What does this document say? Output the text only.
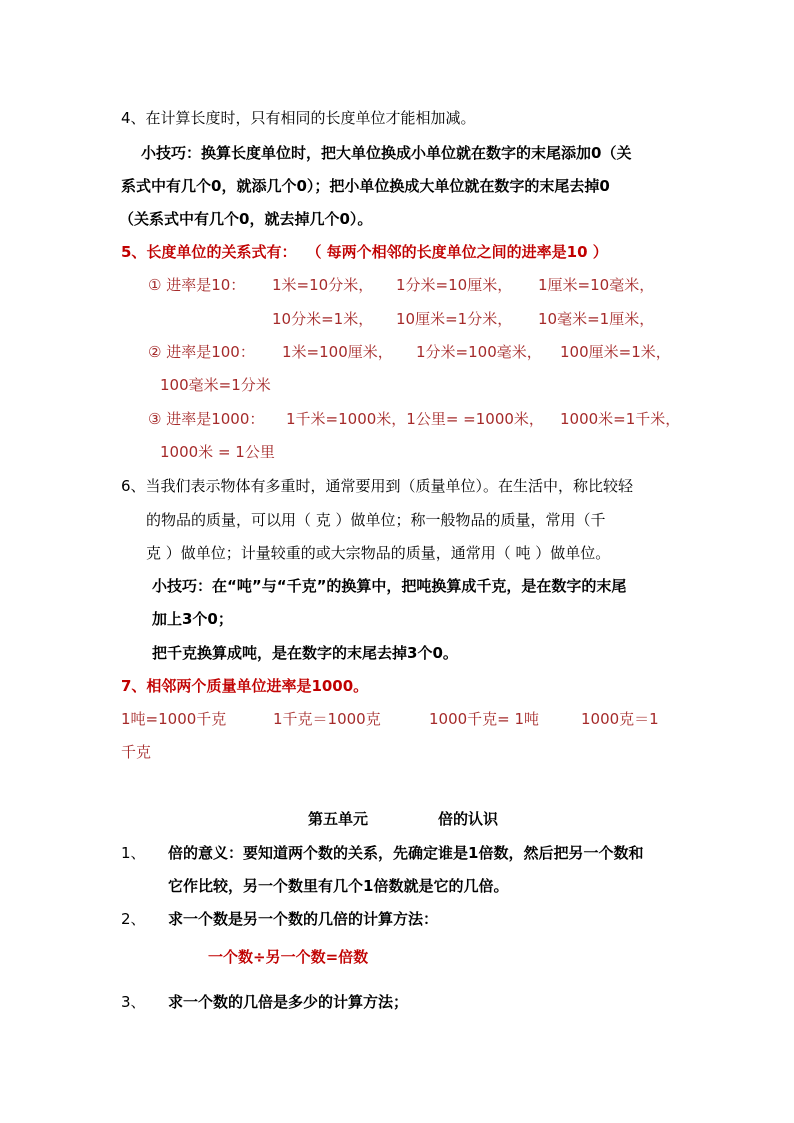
4、在计算长度时，只有相同的长度单位才能相加减。
小技巧：换算长度单位时，把大单位换成小单位就在数字的末尾添加0（关
系式中有几个0，就添几个0）；把小单位换成大单位就在数字的末尾去掉0
（关系式中有几个0，就去掉几个0）。
5、长度单位的关系式有： （ 每两个相邻的长度单位之间的进率是10 ）
① 进率是10： 1米=10分米， 1分米=10厘米， 1厘米=10毫米，
10分米=1米， 10厘米=1分米， 10毫米=1厘米，
② 进率是100： 1米=100厘米， 1分米=100毫米， 100厘米=1米，
100毫米=1分米
③ 进率是1000： 1千米=1000米，1公里= =1000米， 1000米=1千米，
1000米 = 1公里
6、当我们表示物体有多重时，通常要用到（质量单位）。在生活中，称比较轻
的物品的质量，可以用（ 克 ）做单位；称一般物品的质量，常用（千
克 ）做单位；计量较重的或大宗物品的质量，通常用（ 吨 ）做单位。
小技巧：在“吨”与“千克”的换算中，把吨换算成千克，是在数字的末尾
加上3个0；
把千克换算成吨，是在数字的末尾去掉3个0。
7、相邻两个质量单位进率是1000。
1吨=1000千克	1千克＝1000克	1000千克= 1吨	1000克＝1
千克
第五单元	倍的认识
1、 倍的意义：要知道两个数的关系，先确定谁是1倍数，然后把另一个数和
它作比较，另一个数里有几个1倍数就是它的几倍。
2、 求一个数是另一个数的几倍的计算方法：
一个数÷另一个数=倍数
3、 求一个数的几倍是多少的计算方法；
